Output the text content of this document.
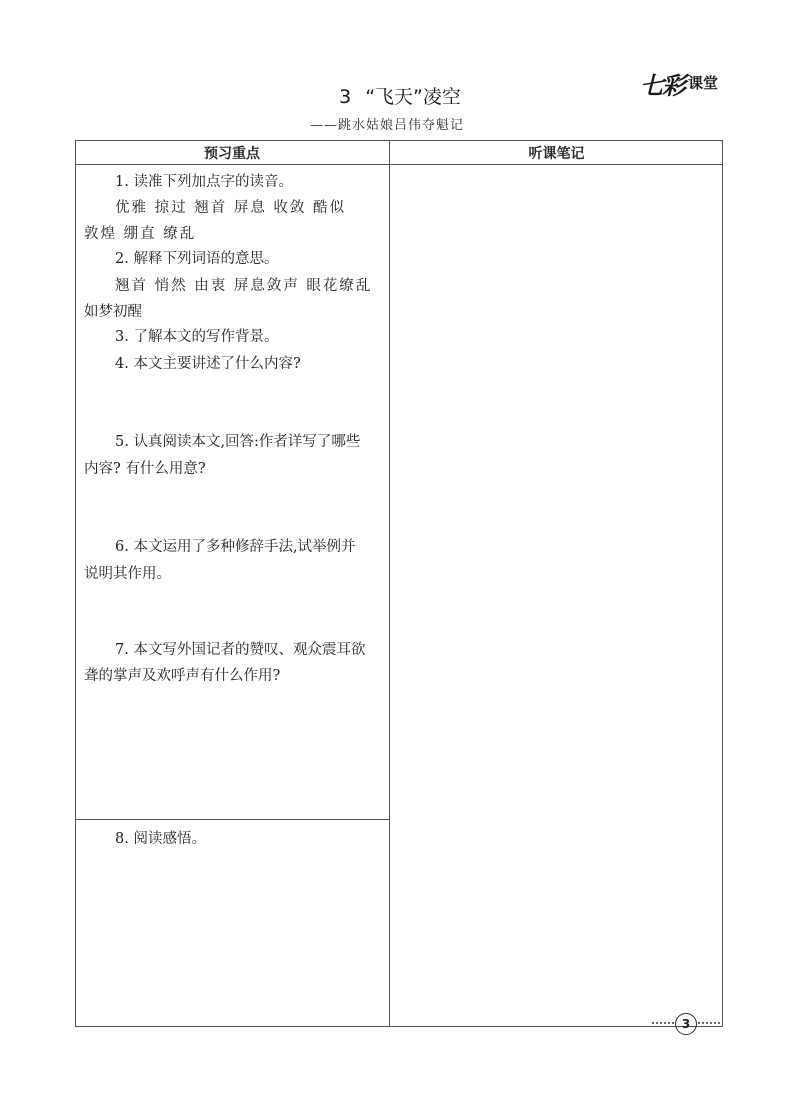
七彩 课堂
3 “飞天”凌空
——跳水姑娘吕伟夺魁记
预习重点	听课笔记
1. 读准下列加点字的读音。
优雅 掠过 翘首 屏息 收敛 酷似
敦煌 绷直 缭乱
2. 解释下列词语的意思。
翘首 悄然 由衷 屏息敛声 眼花缭乱
如梦初醒
3. 了解本文的写作背景。
4. 本文主要讲述了什么内容?
5. 认真阅读本文,回答:作者详写了哪些
内容? 有什么用意?
6. 本文运用了多种修辞手法,试举例并
说明其作用。
7. 本文写外国记者的赞叹、观众震耳欲
聋的掌声及欢呼声有什么作用?
8. 阅读感悟。
3
